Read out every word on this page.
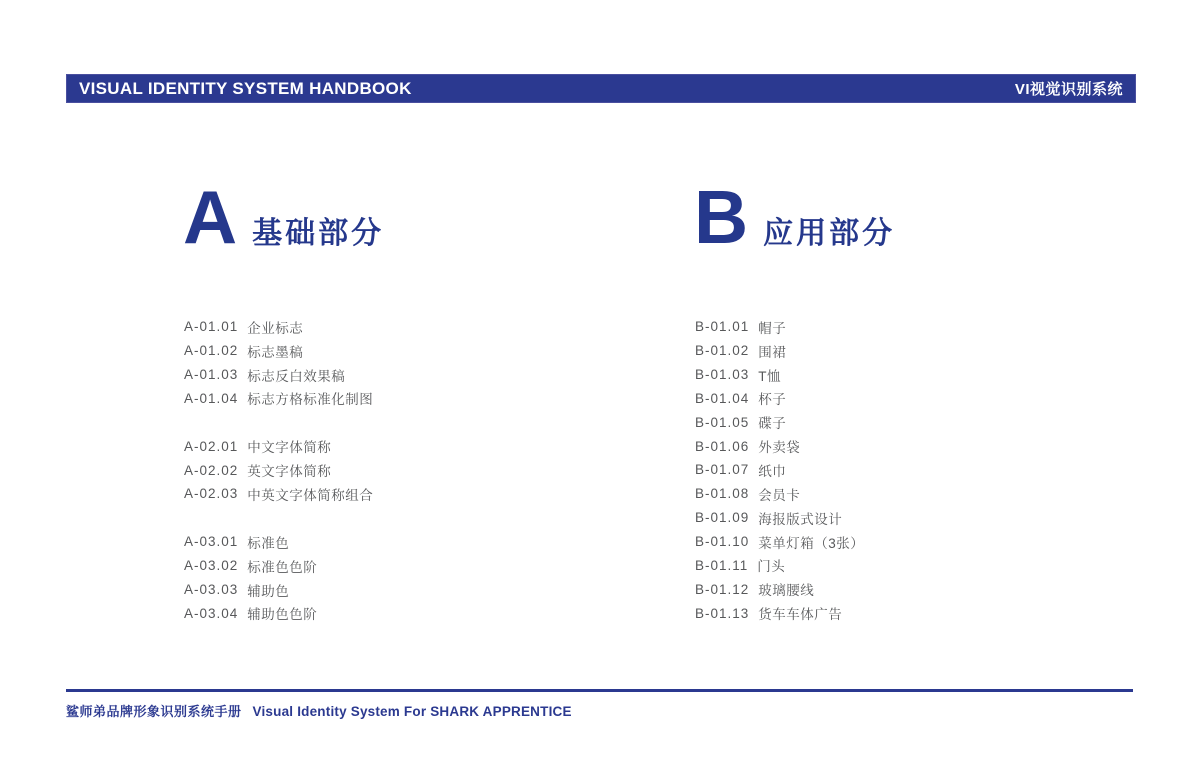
VISUAL IDENTITY SYSTEM HANDBOOK	VI视觉识别系统
A 基础部分
A-01.01 企业标志
A-01.02 标志墨稿
A-01.03 标志反白效果稿
A-01.04 标志方格标准化制图
A-02.01 中文字体简称
A-02.02 英文字体简称
A-02.03 中英文字体简称组合
A-03.01 标准色
A-03.02 标准色色阶
A-03.03 辅助色
A-03.04 辅助色色阶
B 应用部分
B-01.01 帽子
B-01.02 围裙
B-01.03 T恤
B-01.04 杯子
B-01.05 碟子
B-01.06 外卖袋
B-01.07 纸巾
B-01.08 会员卡
B-01.09 海报版式设计
B-01.10 菜单灯箱（3张）
B-01.11 门头
B-01.12 玻璃腰线
B-01.13 货车车体广告
鲨师弟品牌形象识别系统手册 Visual Identity System For SHARK APPRENTICE
